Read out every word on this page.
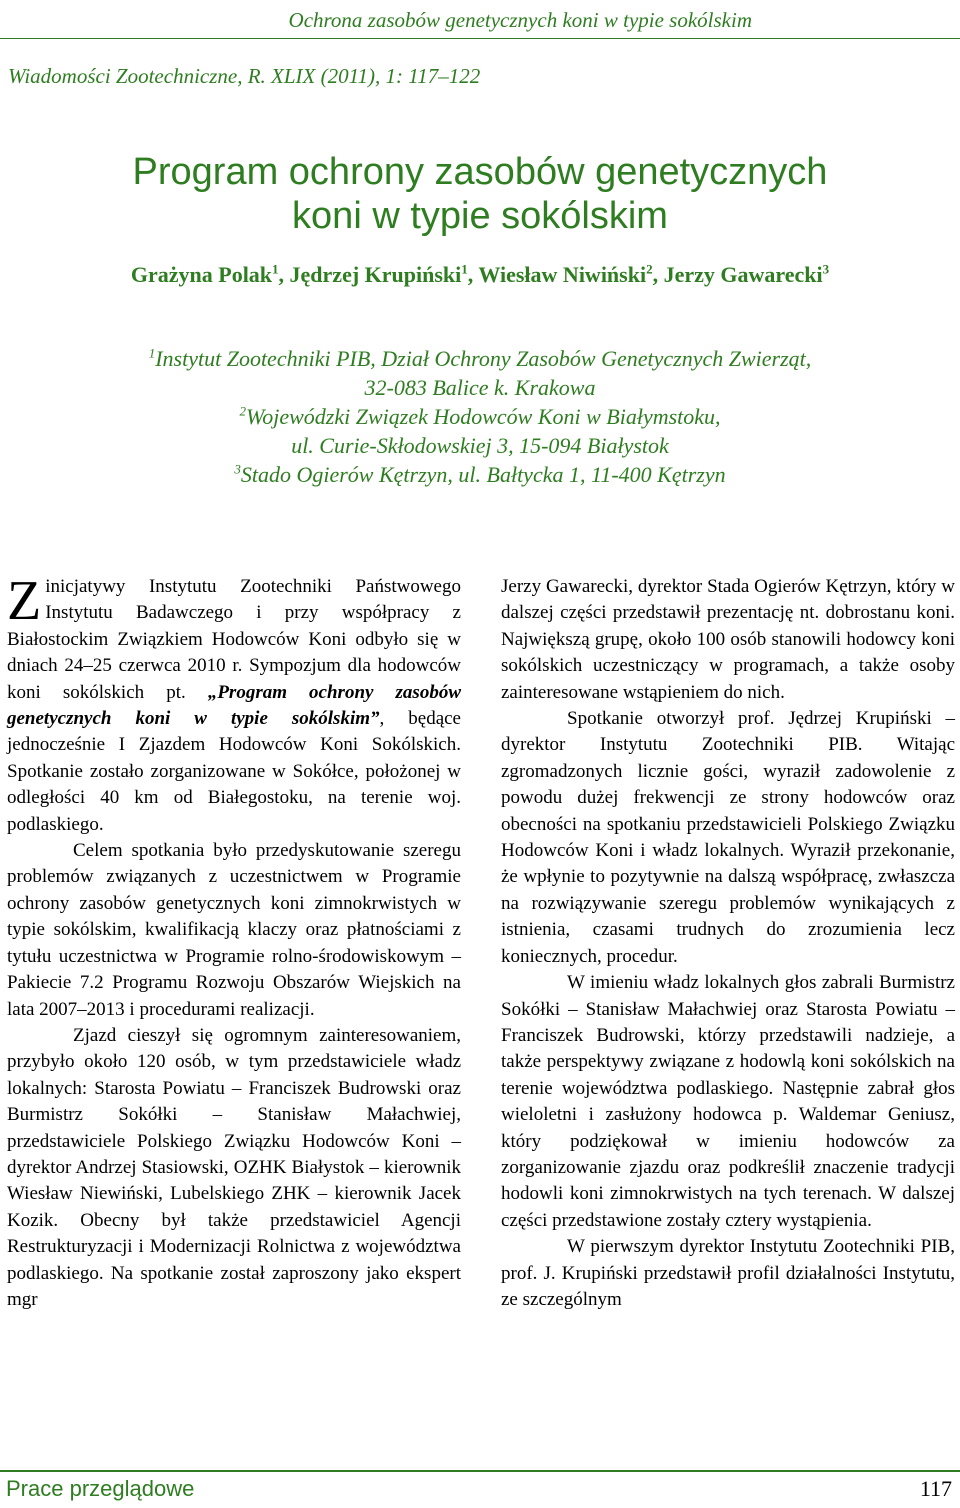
Ochrona zasobów genetycznych koni w typie sokólskim
Wiadomości Zootechniczne, R. XLIX (2011), 1: 117–122
Program ochrony zasobów genetycznych
koni w typie sokólskim
Grażyna Polak$^1$, Jędrzej Krupiński$^1$, Wiesław Niwiński$^2$, Jerzy Gawarecki$^3$

$^1$Instytut Zootechniki PIB, Dział Ochrony Zasobów Genetycznych Zwierząt,

32-083 Balice k. Krakowa

$^2$Wojewódzki Związek Hodowców Koni w Białymstoku,

ul. Curie-Skłodowskiej 3, 15-094 Białystok

$^3$Stado Ogierów Kętrzyn, ul. Bałtycka 1, 11-400 Kętrzyn

Zinicjatywy Instytutu Zootechniki Państwowego Instytutu Badawczego i przy współpracy z Białostockim Związkiem Hodowców Koni odbyło się w dniach 24–25 czerwca 2010 r. Sympozjum dla hodowców koni sokólskich pt. „Program ochrony zasobów genetycznych koni w typie sokólskim”, będące jednocześnie I Zjazdem Hodowców Koni Sokólskich. Spotkanie zostało zorganizowane w Sokółce, położonej w odległości 40 km od Białegostoku, na terenie woj. podlaskiego.

Celem spotkania było przedyskutowanie szeregu problemów związanych z uczestnictwem w Programie ochrony zasobów genetycznych koni zimnokrwistych w typie sokólskim, kwalifikacją klaczy oraz płatnościami z tytułu uczestnictwa w Programie rolno-środowiskowym – Pakiecie 7.2 Programu Rozwoju Obszarów Wiejskich na lata 2007–2013 i procedurami realizacji.

Zjazd cieszył się ogromnym zainteresowaniem, przybyło około 120 osób, w tym przedstawiciele władz lokalnych: Starosta Powiatu – Franciszek Budrowski oraz Burmistrz Sokółki – Stanisław Małachwiej, przedstawiciele Polskiego Związku Hodowców Koni – dyrektor Andrzej Stasiowski, OZHK Białystok – kierownik Wiesław Niewiński, Lubelskiego ZHK – kierownik Jacek Kozik. Obecny był także przedstawiciel Agencji Restrukturyzacji i Modernizacji Rolnictwa z województwa podlaskiego. Na spotkanie został zaproszony jako ekspert mgr

Jerzy Gawarecki, dyrektor Stada Ogierów Kętrzyn, który w dalszej części przedstawił prezentację nt. dobrostanu koni. Największą grupę, około 100 osób stanowili hodowcy koni sokólskich uczestniczący w programach, a także osoby zainteresowane wstąpieniem do nich.

Spotkanie otworzył prof. Jędrzej Krupiński – dyrektor Instytutu Zootechniki PIB. Witając zgromadzonych licznie gości, wyraził zadowolenie z powodu dużej frekwencji ze strony hodowców oraz obecności na spotkaniu przedstawicieli Polskiego Związku Hodowców Koni i władz lokalnych. Wyraził przekonanie, że wpłynie to pozytywnie na dalszą współpracę, zwłaszcza na rozwiązywanie szeregu problemów wynikających z istnienia, czasami trudnych do zrozumienia lecz koniecznych, procedur.

W imieniu władz lokalnych głos zabrali Burmistrz Sokółki – Stanisław Małachwiej oraz Starosta Powiatu – Franciszek Budrowski, którzy przedstawili nadzieje, a także perspektywy związane z hodowlą koni sokólskich na terenie województwa podlaskiego. Następnie zabrał głos wieloletni i zasłużony hodowca p. Waldemar Geniusz, który podziękował w imieniu hodowców za zorganizowanie zjazdu oraz podkreślił znaczenie tradycji hodowli koni zimnokrwistych na tych terenach. W dalszej części przedstawione zostały cztery wystąpienia.

W pierwszym dyrektor Instytutu Zootechniki PIB, prof. J. Krupiński przedstawił profil działalności Instytutu, ze szczególnym

Prace przeglądowe	117
